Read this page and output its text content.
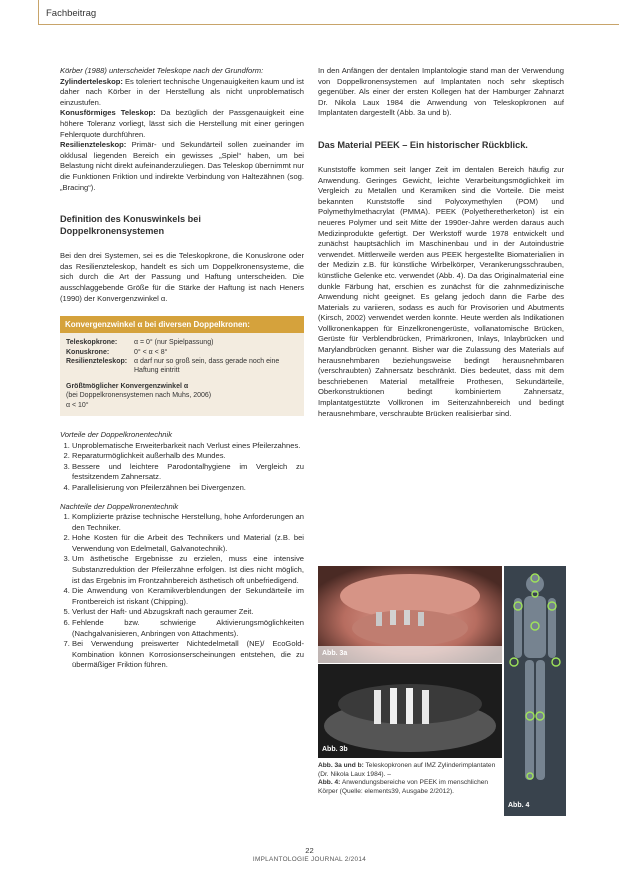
Fachbeitrag

Körber (1988) unterscheidet Teleskope nach der Grundform:
Zylinderteleskop: Es toleriert technische Ungenauigkeiten kaum und ist daher nach Körber in der Herstellung als nicht unproblematisch einzustufen.

Konusförmiges Teleskop: Da bezüglich der Passgenauigkeit eine höhere Toleranz vorliegt, lässt sich die Herstellung mit einer geringen Fehlerquote durchführen.

Resilienzteleskop: Primär- und Sekundärteil sollen zueinander im okklusal liegenden Bereich ein gewisses „Spiel“ haben, um bei Belastung nicht direkt aufeinanderzuliegen. Das Teleskop übernimmt nur die Funktionen Friktion und indirekte Verbindung von Haltezähnen (sog. „Bracing“).

Definition des Konuswinkels bei Doppelkronensystemen

Bei den drei Systemen, sei es die Teleskopkrone, die Konuskrone oder das Resilienzteleskop, handelt es sich um Doppelkronensysteme, die sich durch die Art der Passung und Haftung unterscheiden. Die ausschlaggebende Größe für die Stärke der Haftung ist nach Heners (1990) der Konvergenzwinkel α.

Konvergenzwinkel α bei diversen Doppelkronen:
Teleskopkrone:	α = 0° (nur Spielpassung)
Konuskrone:	0° < α < 8°
Resilienzteleskop: α darf nur so groß sein, dass gerade noch eine Haftung eintritt
Größtmöglicher Konvergenzwinkel α
(bei Doppelkronensystemen nach Muhs, 2006)
α < 10°

Vorteile der Doppelkronentechnik

1. Unproblematische Erweiterbarkeit nach Verlust eines Pfeilerzahnes.
2. Reparaturmöglichkeit außerhalb des Mundes.
3. Bessere und leichtere Parodontalhygiene im Vergleich zu festsitzendem Zahnersatz.
4. Parallelisierung von Pfeilerzähnen bei Divergenzen.

Nachteile der Doppelkronentechnik

1. Komplizierte präzise technische Herstellung, hohe Anforderungen an den Techniker.
2. Hohe Kosten für die Arbeit des Technikers und Material (z.B. bei Verwendung von Edelmetall, Galvanotechnik).
3. Um ästhetische Ergebnisse zu erzielen, muss eine intensive Substanzreduktion der Pfeilerzähne erfolgen. Ist dies nicht möglich, ist das Ergebnis im Frontzahnbereich ästhetisch oft unbefriedigend.
4. Die Anwendung von Keramikverblendungen der Sekundärteile im Frontbereich ist riskant (Chipping).
5. Verlust der Haft- und Abzugskraft nach geraumer Zeit.
6. Fehlende bzw. schwierige Aktivierungsmöglichkeiten (Nachgalvanisieren, Anbringen von Attachments).
7. Bei Verwendung preiswerter Nichtedelmetall (NE)/ EcoGold-Kombination können Korrosionserscheinungen entstehen, die zu übermäßiger Friktion führen.

In den Anfängen der dentalen Implantologie stand man der Verwendung von Doppelkronensystemen auf Implantaten noch sehr skeptisch gegenüber. Als einer der ersten Kollegen hat der Hamburger Zahnarzt Dr. Nikola Laux 1984 die Anwendung von Teleskopkronen auf Implantaten dargestellt (Abb. 3a und b).

Das Material PEEK – Ein historischer Rückblick.

Kunststoffe kommen seit langer Zeit im dentalen Bereich häufig zur Anwendung. Geringes Gewicht, leichte Verarbeitungsmöglichkeit im Vergleich zu Metallen und Keramiken sind die Vorteile. Die meist bekannten Kunststoffe sind Polyoxymethylen (POM) und Polymethylmethacrylat (PMMA). PEEK (Polyetheretherketon) ist ein neueres Polymer und seit Mitte der 1990er-Jahre werden daraus auch Medizinprodukte gefertigt. Der Werkstoff wurde 1978 entwickelt und zunächst hauptsächlich im Maschinenbau und in der Autoindustrie verwendet. Mittlerweile werden aus PEEK hergestellte Biomaterialien in der Medizin z.B. für künstliche Wirbelkörper, Verankerungsschrauben, künstliche Gelenke etc. verwendet (Abb. 4). Da das Originalmaterial eine dunkle Färbung hat, erschien es zunächst für die zahnmedizinische Anwendung nicht geeignet. Es gelang jedoch dann die Farbe des Materials zu variieren, sodass es auch für Provisorien und Abutments (Kirsch, 2002) verwendet werden konnte. Heute werden als Indikationen Vollkronenkappen für Einzelkronengerüste, vollanatomische Brücken, Gerüste für Verblendbrücken, Primärkronen, Inlays, Inlaybrücken und Marylandbrücken genannt. Bisher war die Zulassung des Materials auf herausnehmbaren beziehungsweise bedingt herausnehmbaren (verschraubten) Zahnersatz beschränkt. Dies bedeutet, dass mit dem beschriebenen Material metallfreie Prothesen, Sekundärteile, Oberkonstruktionen bedingt kombiniertem Zahnersatz, Implantatgestützte Vollkronen im Seitenzahnbereich und bedingt herausnehmbare, verschraubte Brücken realisierbar sind.

Abb. 3a
Abb. 3b
Abb. 4
Abb. 3a und b: Teleskopkronen auf IMZ Zylinderimplantaten (Dr. Nikola Laux 1984). –
Abb. 4: Anwendungsbereiche von PEEK im menschlichen Körper (Quelle: elements39, Ausgabe 2/2012).
22
IMPLANTOLOGIE JOURNAL 2/2014
